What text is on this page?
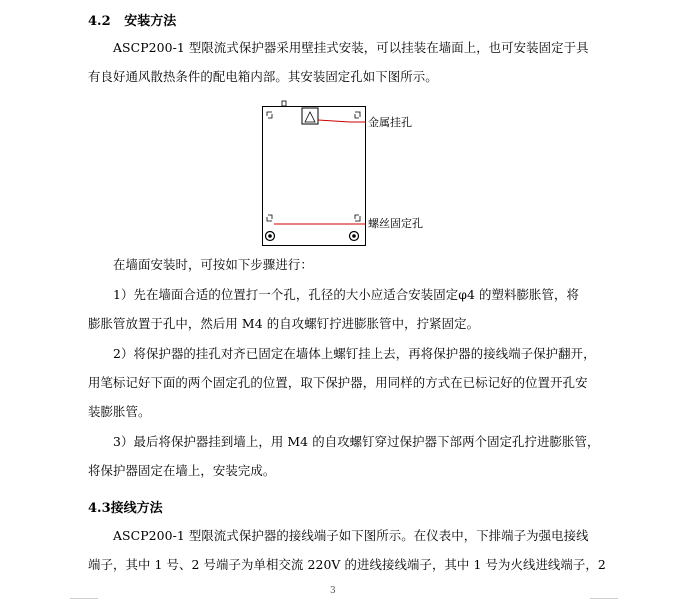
4.2 安装方法
ASCP200-1 型限流式保护器采用壁挂式安装，可以挂装在墙面上，也可安装固定于具
有良好通风散热条件的配电箱内部。其安装固定孔如下图所示。
金属挂孔
螺丝固定孔
在墙面安装时，可按如下步骤进行：
1）先在墙面合适的位置打一个孔，孔径的大小应适合安装固定φ4 的塑料膨胀管，将
膨胀管放置于孔中，然后用 M4 的自攻螺钉拧进膨胀管中，拧紧固定。
2）将保护器的挂孔对齐已固定在墙体上螺钉挂上去，再将保护器的接线端子保护翻开，
用笔标记好下面的两个固定孔的位置，取下保护器，用同样的方式在已标记好的位置开孔安
装膨胀管。
3）最后将保护器挂到墙上，用 M4 的自攻螺钉穿过保护器下部两个固定孔拧进膨胀管，
将保护器固定在墙上，安装完成。
4.3接线方法
ASCP200-1 型限流式保护器的接线端子如下图所示。在仪表中，下排端子为强电接线
端子，其中 1 号、2 号端子为单相交流 220V 的进线接线端子，其中 1 号为火线进线端子，2
3
